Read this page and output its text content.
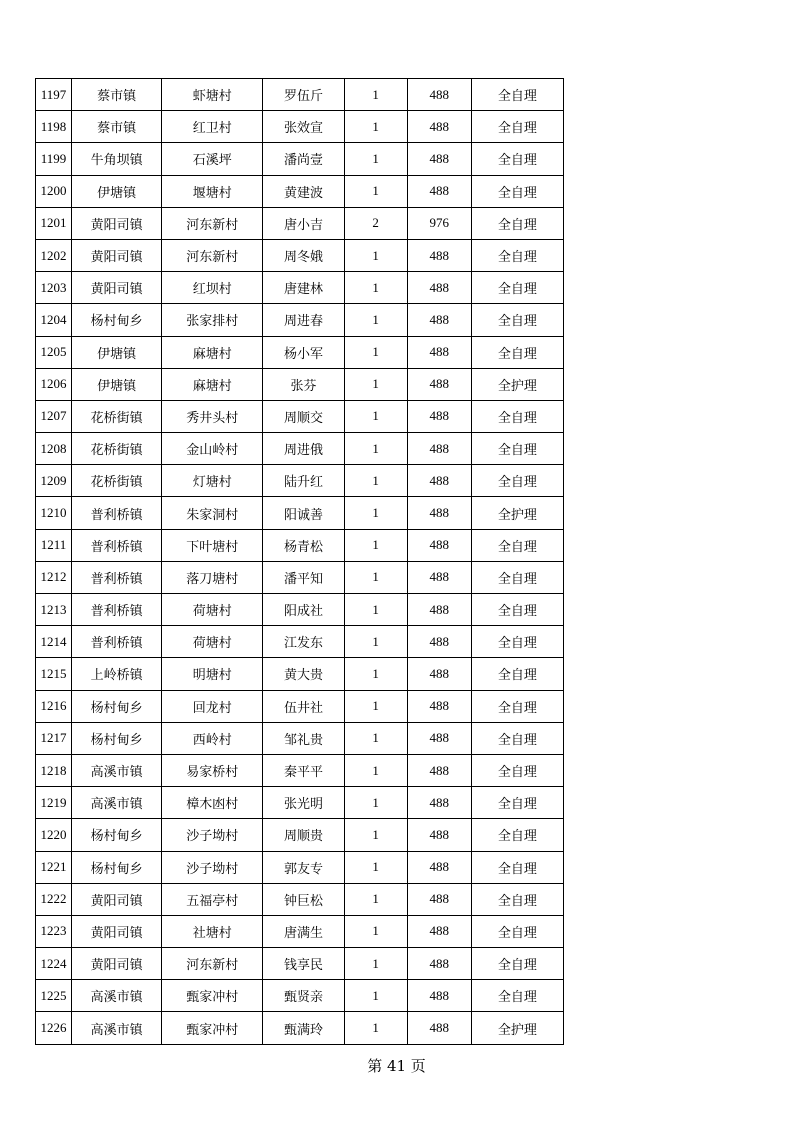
1197	蔡市镇	虾塘村	罗伍斤	1	488	全自理
1198	蔡市镇	红卫村	张效宣	1	488	全自理
1199	牛角坝镇	石溪坪	潘尚壹	1	488	全自理
1200	伊塘镇	堰塘村	黄建波	1	488	全自理
1201	黄阳司镇	河东新村	唐小吉	2	976	全自理
1202	黄阳司镇	河东新村	周冬娥	1	488	全自理
1203	黄阳司镇	红坝村	唐建林	1	488	全自理
1204	杨村甸乡	张家排村	周进春	1	488	全自理
1205	伊塘镇	麻塘村	杨小军	1	488	全自理
1206	伊塘镇	麻塘村	张芬	1	488	全护理
1207	花桥街镇	秀井头村	周顺交	1	488	全自理
1208	花桥街镇	金山岭村	周进俄	1	488	全自理
1209	花桥街镇	灯塘村	陆升红	1	488	全自理
1210	普利桥镇	朱家洞村	阳诚善	1	488	全护理
1211	普利桥镇	下叶塘村	杨青松	1	488	全自理
1212	普利桥镇	落刀塘村	潘平知	1	488	全自理
1213	普利桥镇	荷塘村	阳成社	1	488	全自理
1214	普利桥镇	荷塘村	江发东	1	488	全自理
1215	上岭桥镇	明塘村	黄大贵	1	488	全自理
1216	杨村甸乡	回龙村	伍井社	1	488	全自理
1217	杨村甸乡	西岭村	邹礼贵	1	488	全自理
1218	高溪市镇	易家桥村	秦平平	1	488	全自理
1219	高溪市镇	樟木凼村	张光明	1	488	全自理
1220	杨村甸乡	沙子坳村	周顺贵	1	488	全自理
1221	杨村甸乡	沙子坳村	郭友专	1	488	全自理
1222	黄阳司镇	五福亭村	钟巨松	1	488	全自理
1223	黄阳司镇	社塘村	唐满生	1	488	全自理
1224	黄阳司镇	河东新村	钱享民	1	488	全自理
1225	高溪市镇	甄家冲村	甄贤亲	1	488	全自理
1226	高溪市镇	甄家冲村	甄满玲	1	488	全护理
第 41 页
